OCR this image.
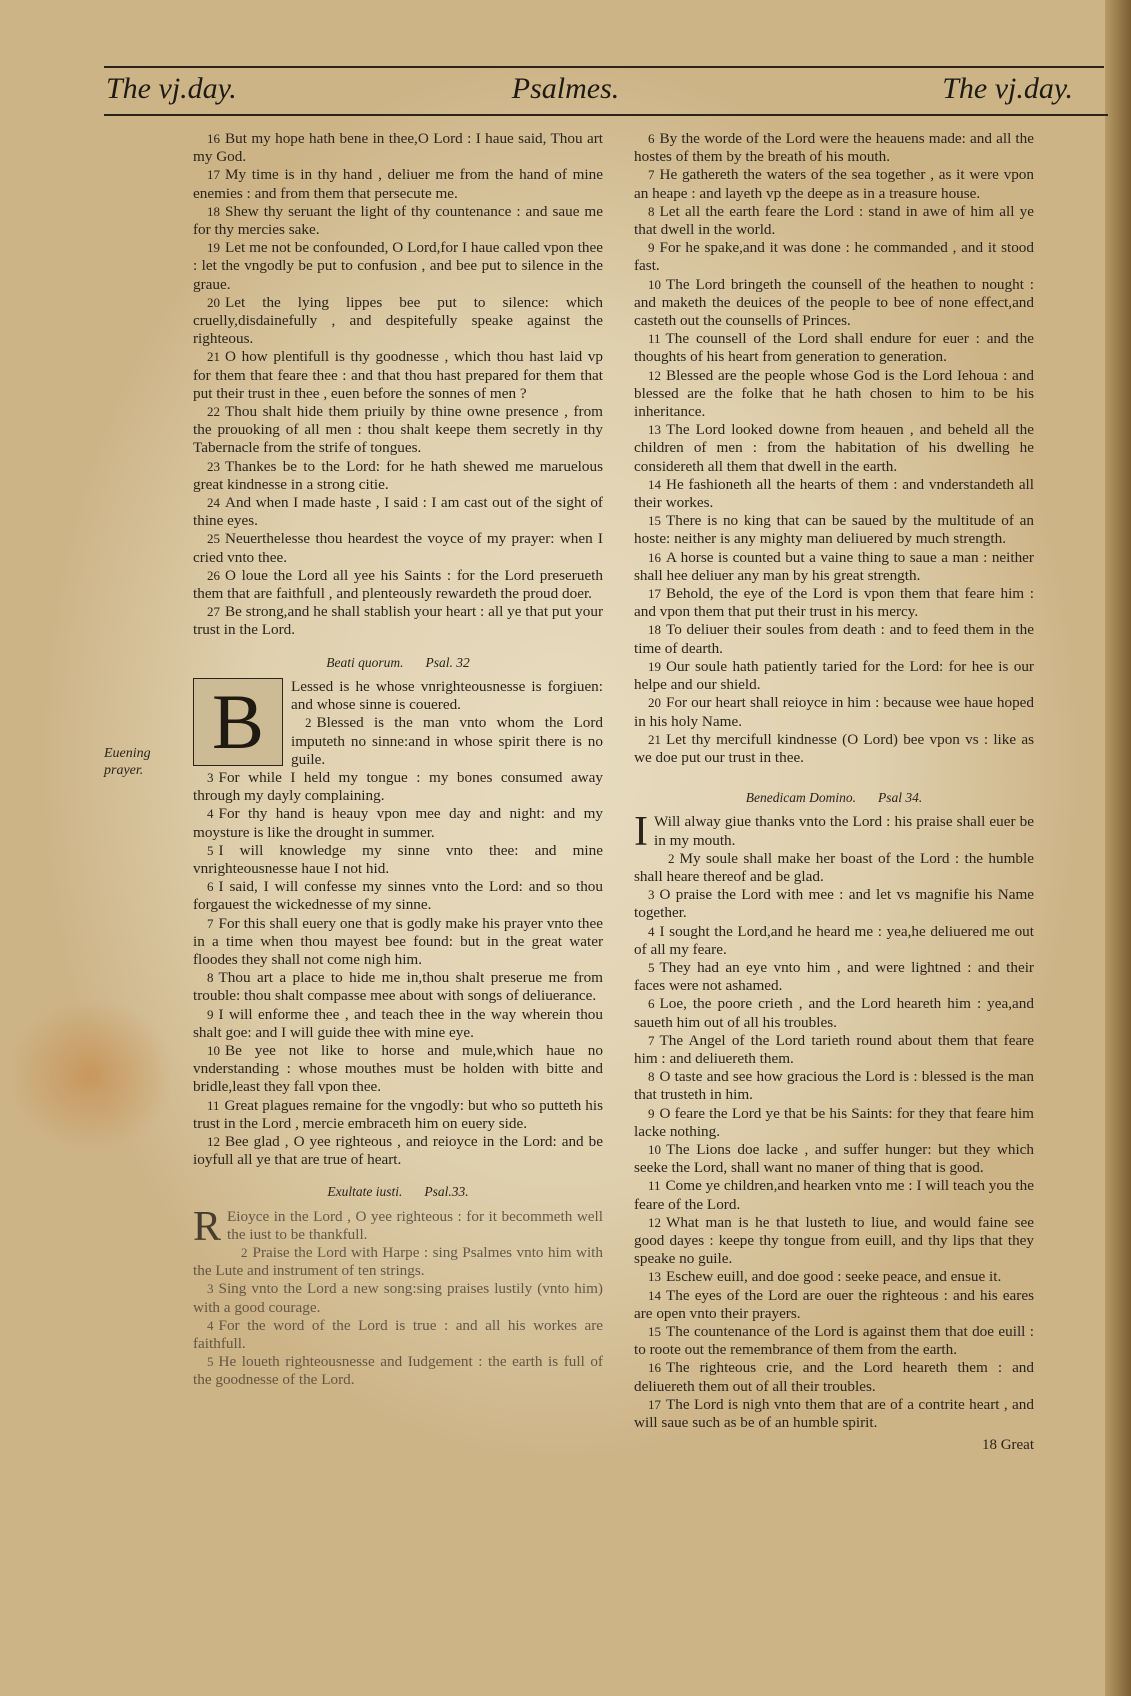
The vj.day.	Psalmes.	The vj.day.
Euening
prayer.

16 But my hope hath bene in thee,O Lord : I haue said, Thou art my God.

17 My time is in thy hand , deliuer me from the hand of mine enemies : and from them that persecute me.

18 Shew thy seruant the light of thy countenance : and saue me for thy mercies sake.

19 Let me not be confounded, O Lord,for I haue called vpon thee : let the vngodly be put to confusion , and bee put to silence in the graue.

20 Let the lying lippes bee put to silence: which cruelly,disdainefully , and despitefully speake against the righteous.

21 O how plentifull is thy goodnesse , which thou hast laid vp for them that feare thee : and that thou hast prepared for them that put their trust in thee , euen before the sonnes of men ?

22 Thou shalt hide them priuily by thine owne presence , from the prouoking of all men : thou shalt keepe them secretly in thy Tabernacle from the strife of tongues.

23 Thankes be to the Lord: for he hath shewed me maruelous great kindnesse in a strong citie.

24 And when I made haste , I said : I am cast out of the sight of thine eyes.

25 Neuerthelesse thou heardest the voyce of my prayer: when I cried vnto thee.

26 O loue the Lord all yee his Saints : for the Lord preserueth them that are faithfull , and plenteously rewardeth the proud doer.

27 Be strong,and he shall stablish your heart : all ye that put your trust in the Lord.

Beati quorum. Psal. 32

B	Lessed is he whose vnrighteousnesse is forgiuen: and whose sinne is couered.

2 Blessed is the man vnto whom the Lord imputeth no sinne:and in whose spirit there is no guile.

3 For while I held my tongue : my bones consumed away through my dayly complaining.

4 For thy hand is heauy vpon mee day and night: and my moysture is like the drought in summer.

5 I will knowledge my sinne vnto thee: and mine vnrighteousnesse haue I not hid.

6 I said, I will confesse my sinnes vnto the Lord: and so thou forgauest the wickednesse of my sinne.

7 For this shall euery one that is godly make his prayer vnto thee in a time when thou mayest bee found: but in the great water floodes they shall not come nigh him.

8 Thou art a place to hide me in,thou shalt preserue me from trouble: thou shalt compasse mee about with songs of deliuerance.

9 I will enforme thee , and teach thee in the way wherein thou shalt goe: and I will guide thee with mine eye.

10 Be yee not like to horse and mule,which haue no vnderstanding : whose mouthes must be holden with bitte and bridle,least they fall vpon thee.

11 Great plagues remaine for the vngodly: but who so putteth his trust in the Lord , mercie embraceth him on euery side.

12 Bee glad , O yee righteous , and reioyce in the Lord: and be ioyfull all ye that are true of heart.

Exultate iusti. Psal.33.

R Eioyce in the Lord , O yee righteous : for it becommeth well the iust to be thankfull.

2 Praise the Lord with Harpe : sing Psalmes vnto him with the Lute and instrument of ten strings.

3 Sing vnto the Lord a new song:sing praises lustily (vnto him) with a good courage.

4 For the word of the Lord is true : and all his workes are faithfull.

5 He loueth righteousnesse and Iudgement : the earth is full of the goodnesse of the Lord.

6 By the worde of the Lord were the heauens made: and all the hostes of them by the breath of his mouth.

7 He gathereth the waters of the sea together , as it were vpon an heape : and layeth vp the deepe as in a treasure house.

8 Let all the earth feare the Lord : stand in awe of him all ye that dwell in the world.

9 For he spake,and it was done : he commanded , and it stood fast.

10 The Lord bringeth the counsell of the heathen to nought : and maketh the deuices of the people to bee of none effect,and casteth out the counsells of Princes.

11 The counsell of the Lord shall endure for euer : and the thoughts of his heart from generation to generation.

12 Blessed are the people whose God is the Lord Iehoua : and blessed are the folke that he hath chosen to him to be his inheritance.

13 The Lord looked downe from heauen , and beheld all the children of men : from the habitation of his dwelling he considereth all them that dwell in the earth.

14 He fashioneth all the hearts of them : and vnderstandeth all their workes.

15 There is no king that can be saued by the multitude of an hoste: neither is any mighty man deliuered by much strength.

16 A horse is counted but a vaine thing to saue a man : neither shall hee deliuer any man by his great strength.

17 Behold, the eye of the Lord is vpon them that feare him : and vpon them that put their trust in his mercy.

18 To deliuer their soules from death : and to feed them in the time of dearth.

19 Our soule hath patiently taried for the Lord: for hee is our helpe and our shield.

20 For our heart shall reioyce in him : because wee haue hoped in his holy Name.

21 Let thy mercifull kindnesse (O Lord) bee vpon vs : like as we doe put our trust in thee.

Benedicam Domino. Psal 34.

I Will alway giue thanks vnto the Lord : his praise shall euer be in my mouth.

2 My soule shall make her boast of the Lord : the humble shall heare thereof and be glad.

3 O praise the Lord with mee : and let vs magnifie his Name together.

4 I sought the Lord,and he heard me : yea,he deliuered me out of all my feare.

5 They had an eye vnto him , and were lightned : and their faces were not ashamed.

6 Loe, the poore crieth , and the Lord heareth him : yea,and saueth him out of all his troubles.

7 The Angel of the Lord tarieth round about them that feare him : and deliuereth them.

8 O taste and see how gracious the Lord is : blessed is the man that trusteth in him.

9 O feare the Lord ye that be his Saints: for they that feare him lacke nothing.

10 The Lions doe lacke , and suffer hunger: but they which seeke the Lord, shall want no maner of thing that is good.

11 Come ye children,and hearken vnto me : I will teach you the feare of the Lord.

12 What man is he that lusteth to liue, and would faine see good dayes : keepe thy tongue from euill, and thy lips that they speake no guile.

13 Eschew euill, and doe good : seeke peace, and ensue it.

14 The eyes of the Lord are ouer the righteous : and his eares are open vnto their prayers.

15 The countenance of the Lord is against them that doe euill : to roote out the remembrance of them from the earth.

16 The righteous crie, and the Lord heareth them : and deliuereth them out of all their troubles.

17 The Lord is nigh vnto them that are of a contrite heart , and will saue such as be of an humble spirit.

18 Great
